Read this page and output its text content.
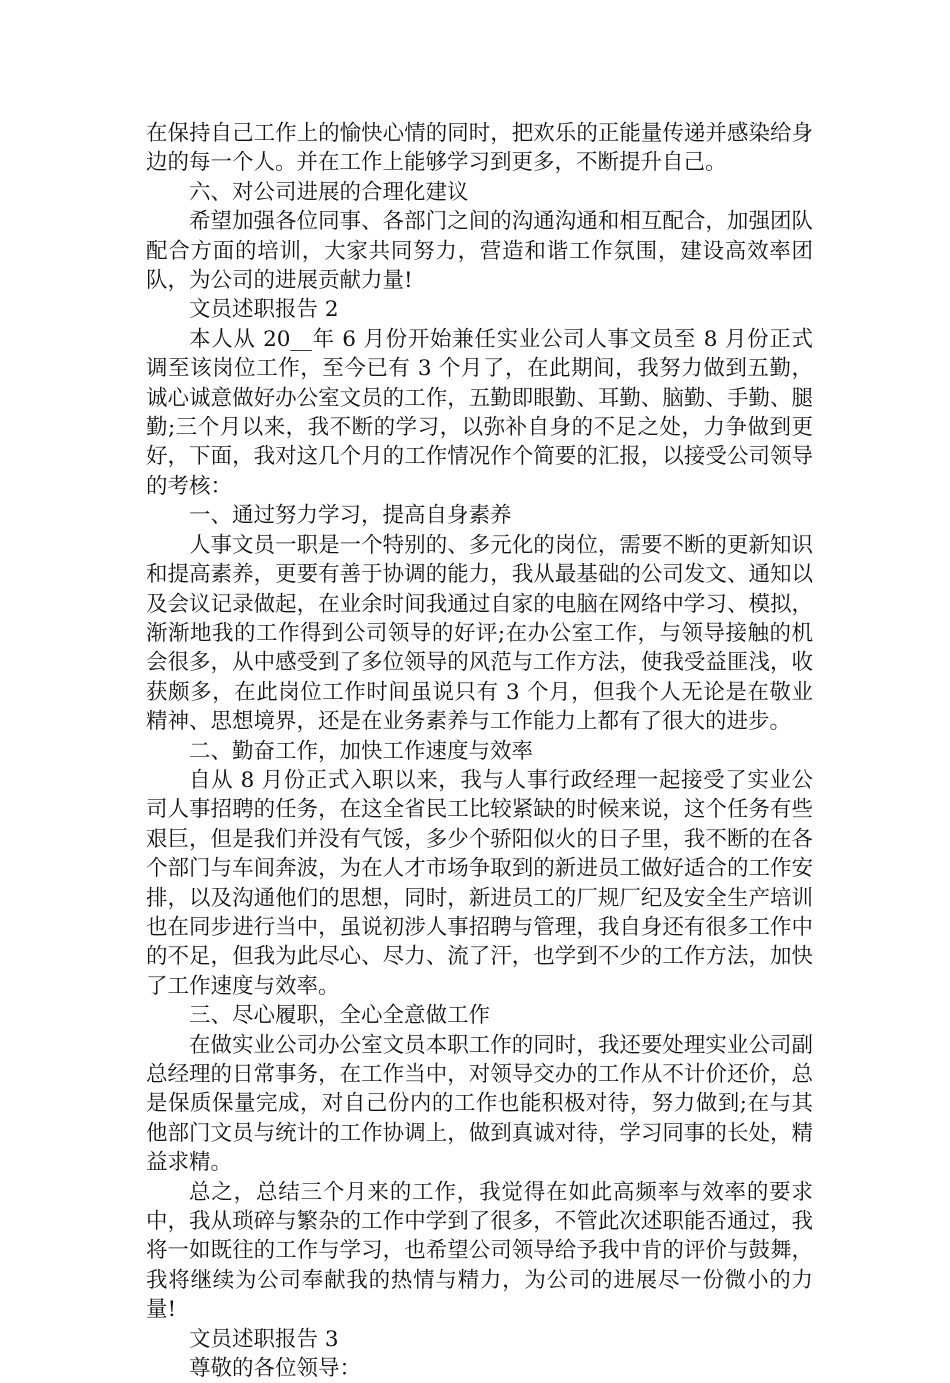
在保持自己工作上的愉快心情的同时，把欢乐的正能量传递并感染给身边的每一个人。并在工作上能够学习到更多，不断提升自己。

六、对公司进展的合理化建议

希望加强各位同事、各部门之间的沟通沟通和相互配合，加强团队配合方面的培训，大家共同努力，营造和谐工作氛围，建设高效率团队，为公司的进展贡献力量!

文员述职报告 2

本人从 20__年 6 月份开始兼任实业公司人事文员至 8 月份正式调至该岗位工作，至今已有 3 个月了，在此期间，我努力做到五勤，诚心诚意做好办公室文员的工作，五勤即眼勤、耳勤、脑勤、手勤、腿勤;三个月以来，我不断的学习，以弥补自身的不足之处，力争做到更好，下面，我对这几个月的工作情况作个简要的汇报，以接受公司领导的考核：

一、通过努力学习，提高自身素养

人事文员一职是一个特别的、多元化的岗位，需要不断的更新知识和提高素养，更要有善于协调的能力，我从最基础的公司发文、通知以及会议记录做起，在业余时间我通过自家的电脑在网络中学习、模拟，渐渐地我的工作得到公司领导的好评;在办公室工作，与领导接触的机会很多，从中感受到了多位领导的风范与工作方法，使我受益匪浅，收获颇多，在此岗位工作时间虽说只有 3 个月，但我个人无论是在敬业精神、思想境界，还是在业务素养与工作能力上都有了很大的进步。

二、勤奋工作，加快工作速度与效率

自从 8 月份正式入职以来，我与人事行政经理一起接受了实业公司人事招聘的任务，在这全省民工比较紧缺的时候来说，这个任务有些艰巨，但是我们并没有气馁，多少个骄阳似火的日子里，我不断的在各个部门与车间奔波，为在人才市场争取到的新进员工做好适合的工作安排，以及沟通他们的思想，同时，新进员工的厂规厂纪及安全生产培训也在同步进行当中，虽说初涉人事招聘与管理，我自身还有很多工作中的不足，但我为此尽心、尽力、流了汗，也学到不少的工作方法，加快了工作速度与效率。

三、尽心履职，全心全意做工作

在做实业公司办公室文员本职工作的同时，我还要处理实业公司副总经理的日常事务，在工作当中，对领导交办的工作从不计价还价，总是保质保量完成，对自己份内的工作也能积极对待，努力做到;在与其他部门文员与统计的工作协调上，做到真诚对待，学习同事的长处，精益求精。

总之，总结三个月来的工作，我觉得在如此高频率与效率的要求中，我从琐碎与繁杂的工作中学到了很多，不管此次述职能否通过，我将一如既往的工作与学习，也希望公司领导给予我中肯的评价与鼓舞，我将继续为公司奉献我的热情与精力，为公司的进展尽一份微小的力量!

文员述职报告 3

尊敬的各位领导：
